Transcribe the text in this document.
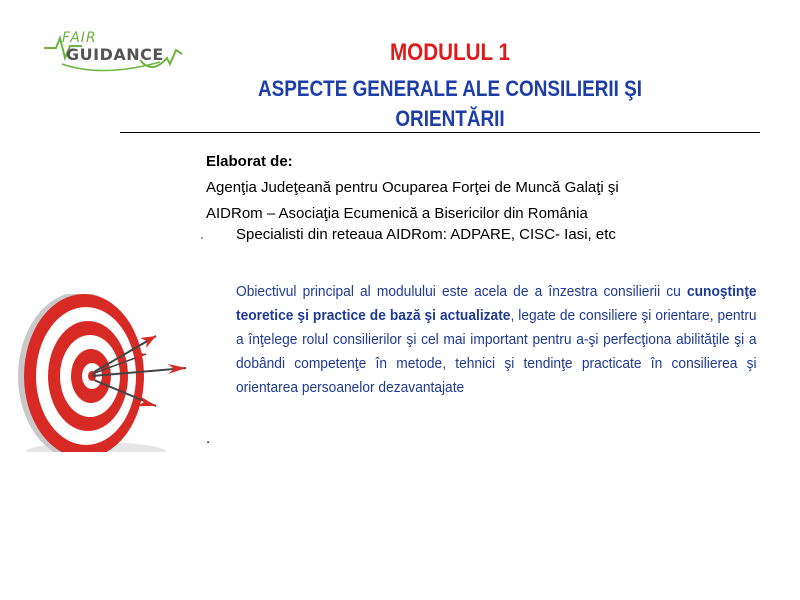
FAIR
GUIDANCE	MODULUL 1
ASPECTE GENERALE ALE CONSILIERII ŞI
ORIENTĂRII
Elaborat de:
Agenţia Judeţeană pentru Ocuparea Forţei de Muncă Galaţi şi
AIDRom – Asociaţia Ecumenică a Bisericilor din România
· Specialisti din reteaua AIDRom: ADPARE, CISC- Iasi, etc
Obiectivul principal al modulului este acela de a înzestra consilierii cu cunoştinţe teoretice şi practice de bază şi actualizate, legate de consiliere şi orientare, pentru a înţelege rolul consilierilor şi cel mai important pentru a-şi perfecţiona abilităţile şi a dobândi competenţe în metode, tehnici şi tendinţe practicate în consilierea şi orientarea persoanelor dezavantajate
.
